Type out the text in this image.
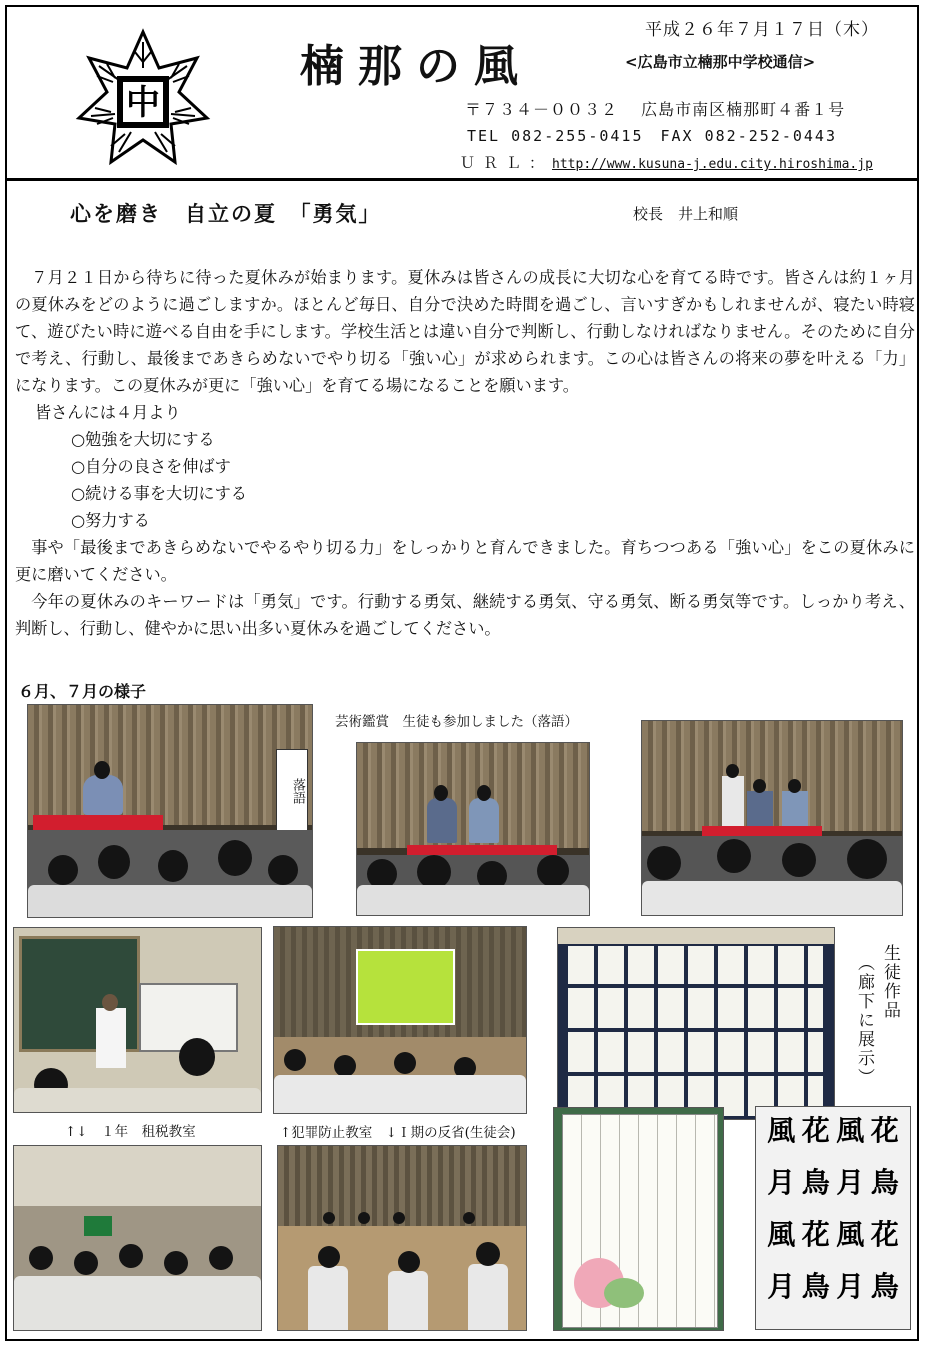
中
楠那の風
平成２６年７月１７日（木）
<広島市立楠那中学校通信>
〒７３４－００３２　 広島市南区楠那町４番１号
TEL 082-255-0415　FAX 082-252-0443
ＵＲＬ：http://www.kusuna-j.edu.city.hiroshima.jp
心を磨き　自立の夏　「勇気」	校長　井上和順

７月２１日から待ちに待った夏休みが始まります。夏休みは皆さんの成長に大切な心を育てる時です。皆さんは約１ヶ月の夏休みをどのように過ごしますか。ほとんど毎日、自分で決めた時間を過ごし、言いすぎかもしれませんが、寝たい時寝て、遊びたい時に遊べる自由を手にします。学校生活とは違い自分で判断し、行動しなければなりません。そのために自分で考え、行動し、最後まであきらめないでやり切る「強い心」が求められます。この心は皆さんの将来の夢を叶える「力」になります。この夏休みが更に「強い心」を育てる場になることを願います。

皆さんには４月より
○勉強を大切にする
○自分の良さを伸ばす
○続ける事を大切にする
○努力する

事や「最後まであきらめないでやるやり切る力」をしっかりと育んできました。育ちつつある「強い心」をこの夏休みに更に磨いてください。

今年の夏休みのキーワードは「勇気」です。行動する勇気、継続する勇気、守る勇気、断る勇気等です。しっかり考え、判断し、行動し、健やかに思い出多い夏休みを過ごしてください。

６月、７月の様子
落語
芸術鑑賞　生徒も参加しました（落語）
↑↓　１年　租税教室	↑犯罪防止教室　↓Ｉ期の反省(生徒会)
生徒作品
（廊下に展示）
風 花 風 花
月 鳥 月 鳥
風 花 風 花
月 鳥 月 鳥
